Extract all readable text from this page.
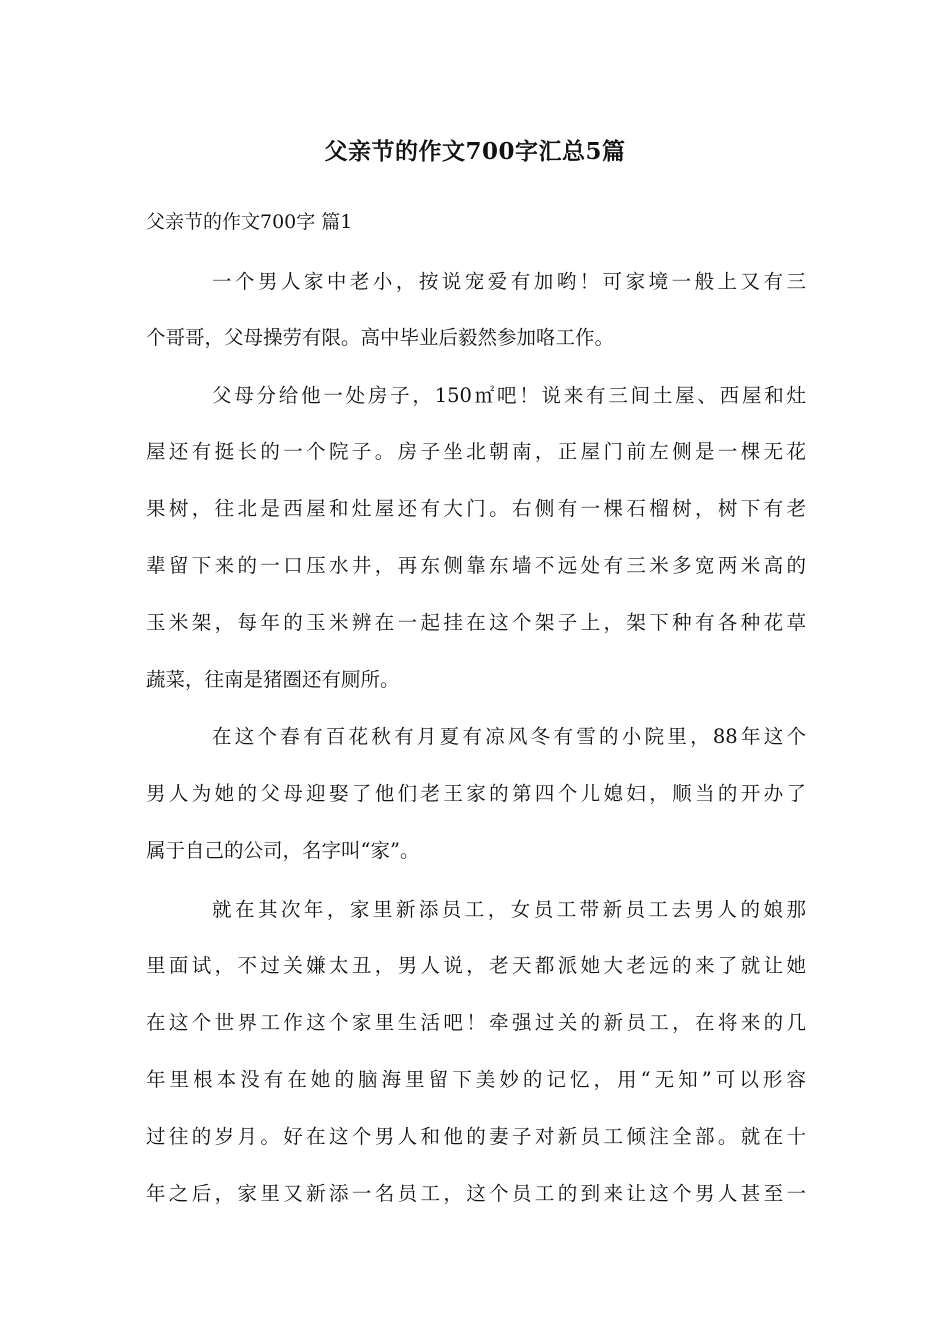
父亲节的作文700字汇总5篇
父亲节的作文700字 篇1

一个男人家中老小，按说宠爱有加哟！可家境一般上又有三

个哥哥，父母操劳有限。高中毕业后毅然参加咯工作。

父母分给他一处房子，150㎡吧！说来有三间土屋、西屋和灶

屋还有挺长的一个院子。房子坐北朝南，正屋门前左侧是一棵无花

果树，往北是西屋和灶屋还有大门。右侧有一棵石榴树，树下有老

辈留下来的一口压水井，再东侧靠东墙不远处有三米多宽两米高的

玉米架，每年的玉米辨在一起挂在这个架子上，架下种有各种花草

蔬菜，往南是猪圈还有厕所。

在这个春有百花秋有月夏有凉风冬有雪的小院里，88年这个

男人为她的父母迎娶了他们老王家的第四个儿媳妇，顺当的开办了

属于自己的公司，名字叫“家”。

就在其次年，家里新添员工，女员工带新员工去男人的娘那

里面试，不过关嫌太丑，男人说，老天都派她大老远的来了就让她

在这个世界工作这个家里生活吧！牵强过关的新员工，在将来的几

年里根本没有在她的脑海里留下美妙的记忆，用“无知”可以形容

过往的岁月。好在这个男人和他的妻子对新员工倾注全部。就在十

年之后，家里又新添一名员工，这个员工的到来让这个男人甚至一
